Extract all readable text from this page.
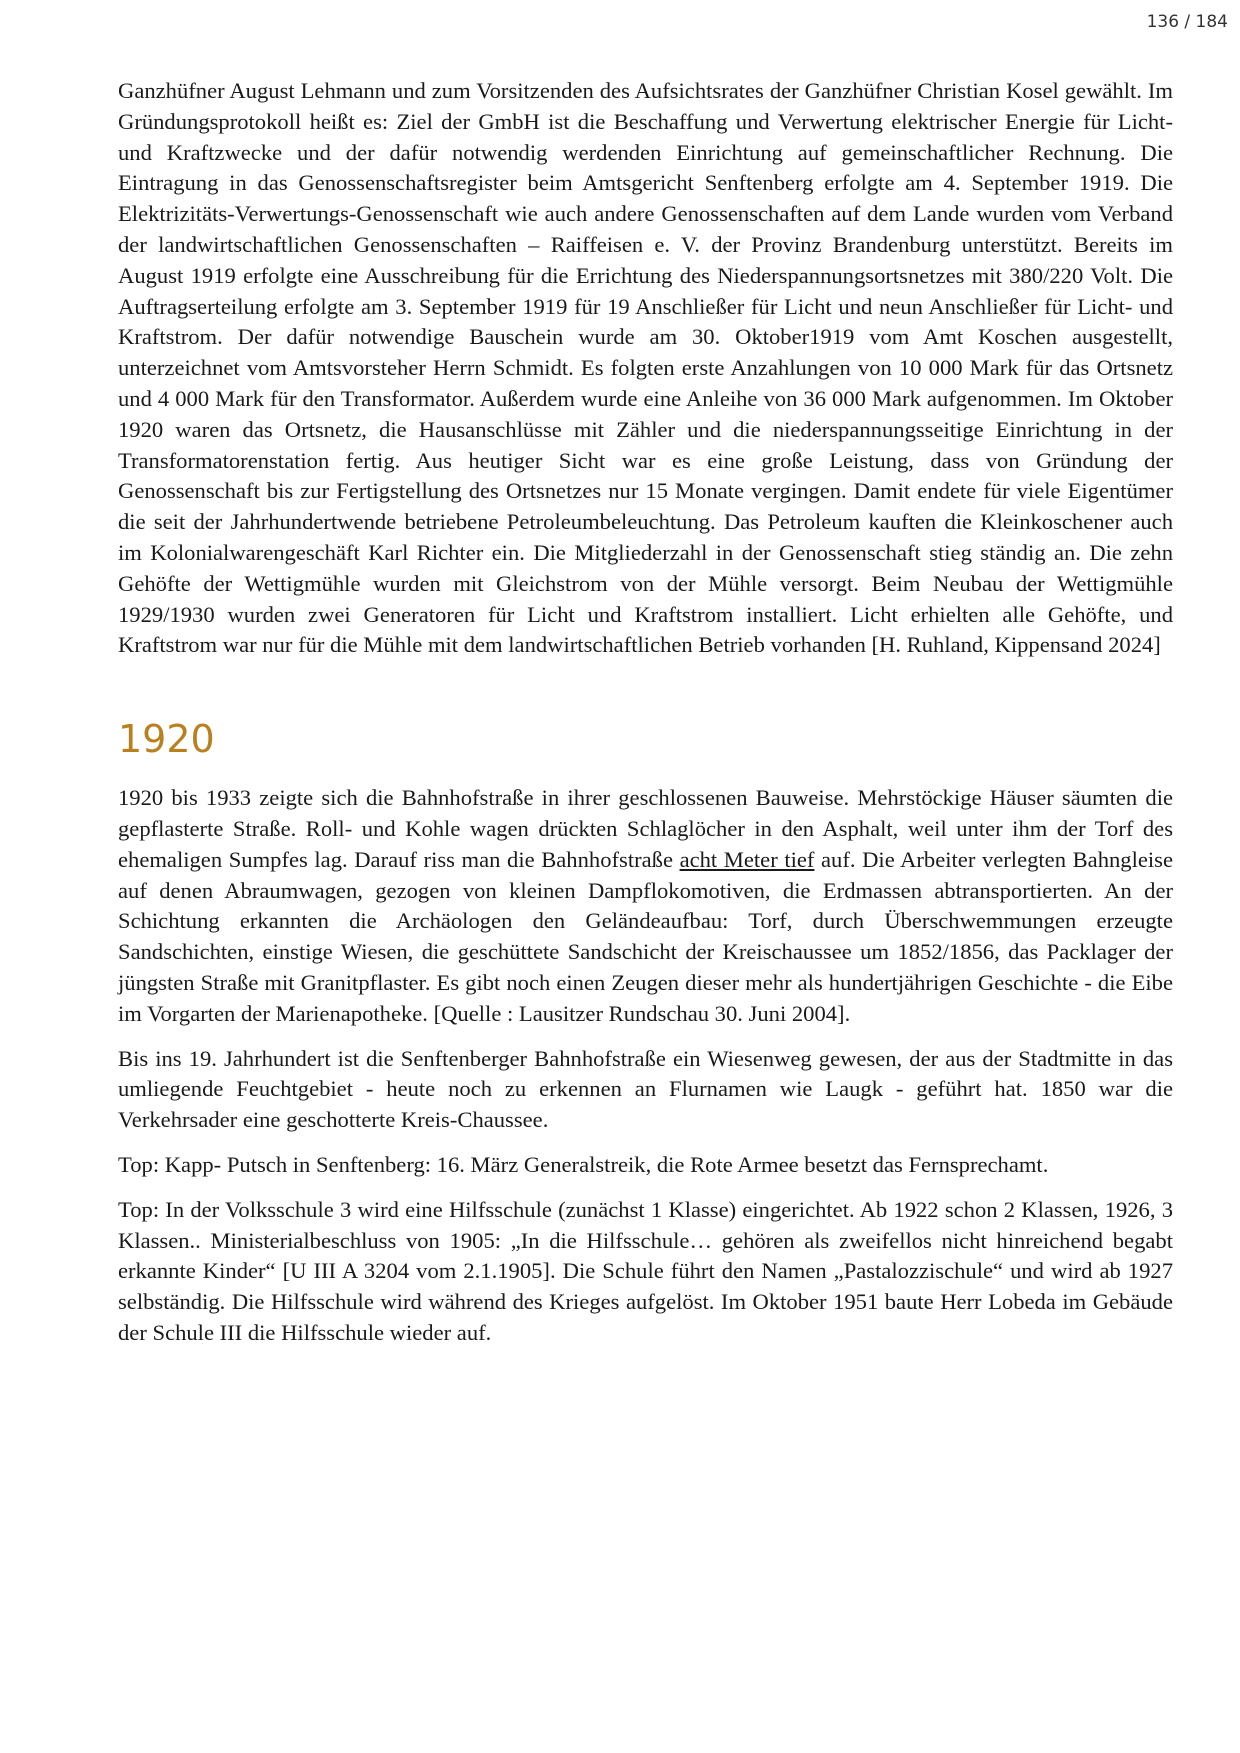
136 / 184

Ganzhüfner August Lehmann und zum Vorsitzenden des Aufsichtsrates der Ganzhüfner Christian Kosel gewählt. Im Gründungsprotokoll heißt es: Ziel der GmbH ist die Beschaffung und Verwertung elektrischer Energie für Licht- und Kraftzwecke und der dafür notwendig werdenden Einrichtung auf gemeinschaftlicher Rechnung. Die Eintragung in das Genossenschaftsregister beim Amtsgericht Senftenberg erfolgte am 4. September 1919. Die Elektrizitäts-Verwertungs-Genossenschaft wie auch andere Genossenschaften auf dem Lande wurden vom Verband der landwirtschaftlichen Genossenschaften – Raiffeisen e. V. der Provinz Brandenburg unterstützt. Bereits im August 1919 erfolgte eine Ausschreibung für die Errichtung des Niederspannungsortsnetzes mit 380/220 Volt. Die Auftragserteilung erfolgte am 3. September 1919 für 19 Anschließer für Licht und neun Anschließer für Licht- und Kraftstrom. Der dafür notwendige Bauschein wurde am 30. Oktober1919 vom Amt Koschen ausgestellt, unterzeichnet vom Amtsvorsteher Herrn Schmidt. Es folgten erste Anzahlungen von 10 000 Mark für das Ortsnetz und 4 000 Mark für den Transformator. Außerdem wurde eine Anleihe von 36 000 Mark aufgenommen. Im Oktober 1920 waren das Ortsnetz, die Hausanschlüsse mit Zähler und die niederspannungsseitige Einrichtung in der Transformatorenstation fertig. Aus heutiger Sicht war es eine große Leistung, dass von Gründung der Genossenschaft bis zur Fertigstellung des Ortsnetzes nur 15 Monate vergingen. Damit endete für viele Eigentümer die seit der Jahrhundertwende betriebene Petroleumbeleuchtung. Das Petroleum kauften die Kleinkoschener auch im Kolonialwarengeschäft Karl Richter ein. Die Mitgliederzahl in der Genossenschaft stieg ständig an. Die zehn Gehöfte der Wettigmühle wurden mit Gleichstrom von der Mühle versorgt. Beim Neubau der Wettigmühle 1929/1930 wurden zwei Generatoren für Licht und Kraftstrom installiert. Licht erhielten alle Gehöfte, und Kraftstrom war nur für die Mühle mit dem landwirtschaftlichen Betrieb vorhanden [H. Ruhland, Kippensand 2024]

1920

1920 bis 1933 zeigte sich die Bahnhofstraße in ihrer geschlossenen Bauweise. Mehrstöckige Häuser säumten die gepflasterte Straße. Roll- und Kohle wagen drückten Schlaglöcher in den Asphalt, weil unter ihm der Torf des ehemaligen Sumpfes lag. Darauf riss man die Bahnhofstraße acht Meter tief auf. Die Arbeiter verlegten Bahngleise auf denen Abraumwagen, gezogen von kleinen Dampflokomotiven, die Erdmassen abtransportierten. An der Schichtung erkannten die Archäologen den Geländeaufbau: Torf, durch Überschwemmungen erzeugte Sandschichten, einstige Wiesen, die geschüttete Sandschicht der Kreischaussee um 1852/1856, das Packlager der jüngsten Straße mit Granitpflaster. Es gibt noch einen Zeugen dieser mehr als hundertjährigen Geschichte - die Eibe im Vorgarten der Marienapotheke. [Quelle : Lausitzer Rundschau 30. Juni 2004].

Bis ins 19. Jahrhundert ist die Senftenberger Bahnhofstraße ein Wiesenweg gewesen, der aus der Stadtmitte in das umliegende Feuchtgebiet - heute noch zu erkennen an Flurnamen wie Laugk - geführt hat. 1850 war die Verkehrsader eine geschotterte Kreis-Chaussee.

Top: Kapp- Putsch in Senftenberg: 16. März Generalstreik, die Rote Armee besetzt das Fernsprechamt.

Top: In der Volksschule 3 wird eine Hilfsschule (zunächst 1 Klasse) eingerichtet. Ab 1922 schon 2 Klassen, 1926, 3 Klassen.. Ministerialbeschluss von 1905: „In die Hilfsschule… gehören als zweifellos nicht hinreichend begabt erkannte Kinder“ [U III A 3204 vom 2.1.1905]. Die Schule führt den Namen „Pastalozzischule“ und wird ab 1927 selbständig. Die Hilfsschule wird während des Krieges aufgelöst. Im Oktober 1951 baute Herr Lobeda im Gebäude der Schule III die Hilfsschule wieder auf.
